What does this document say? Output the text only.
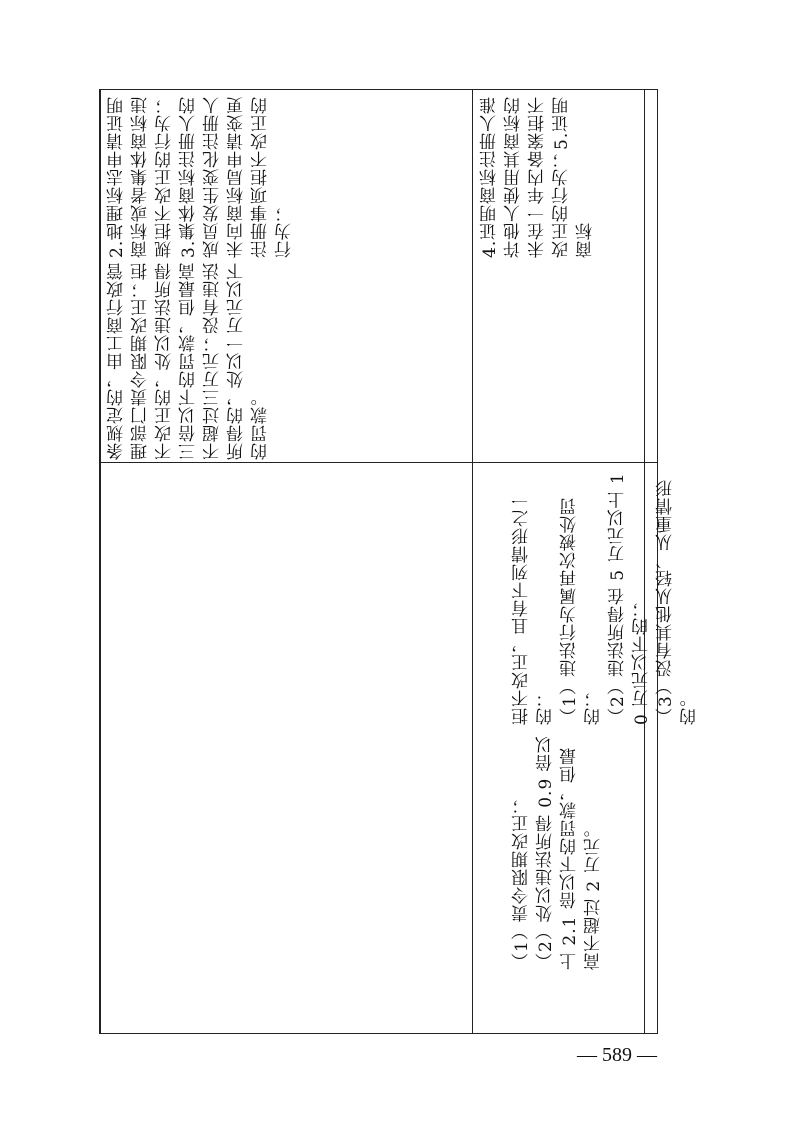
2.地理标志申请证明商标或者集体商标违规拒不改正的行为；3.集体商标注册人的成员发生变化注册人未向商标局申请变更注册事项拒不改正的行为；
条规定的，由工商行政管理部门责令限期改正；拒不改正的，处以违法所得三倍以下的罚款，但最高不超过三万元；没有违法所得的，处以一万元以下的罚款。
4.证明商标注册人准许他人使用其商标的未在一年内备案拒不改正的行为；5.证明商标
拒不改正，且有下列情形之一的：
（1）违法行为属再次被处罚的；
（2）违法所得在 5 万元以上 10 万元以下的；
（3）没有其他从轻、从重情形的。
（1）责令限期改正；
（2）处以违法所得 0.9 倍以上 2.1 倍以下的罚款，但最高不超过 2 万元。
— 589 —
